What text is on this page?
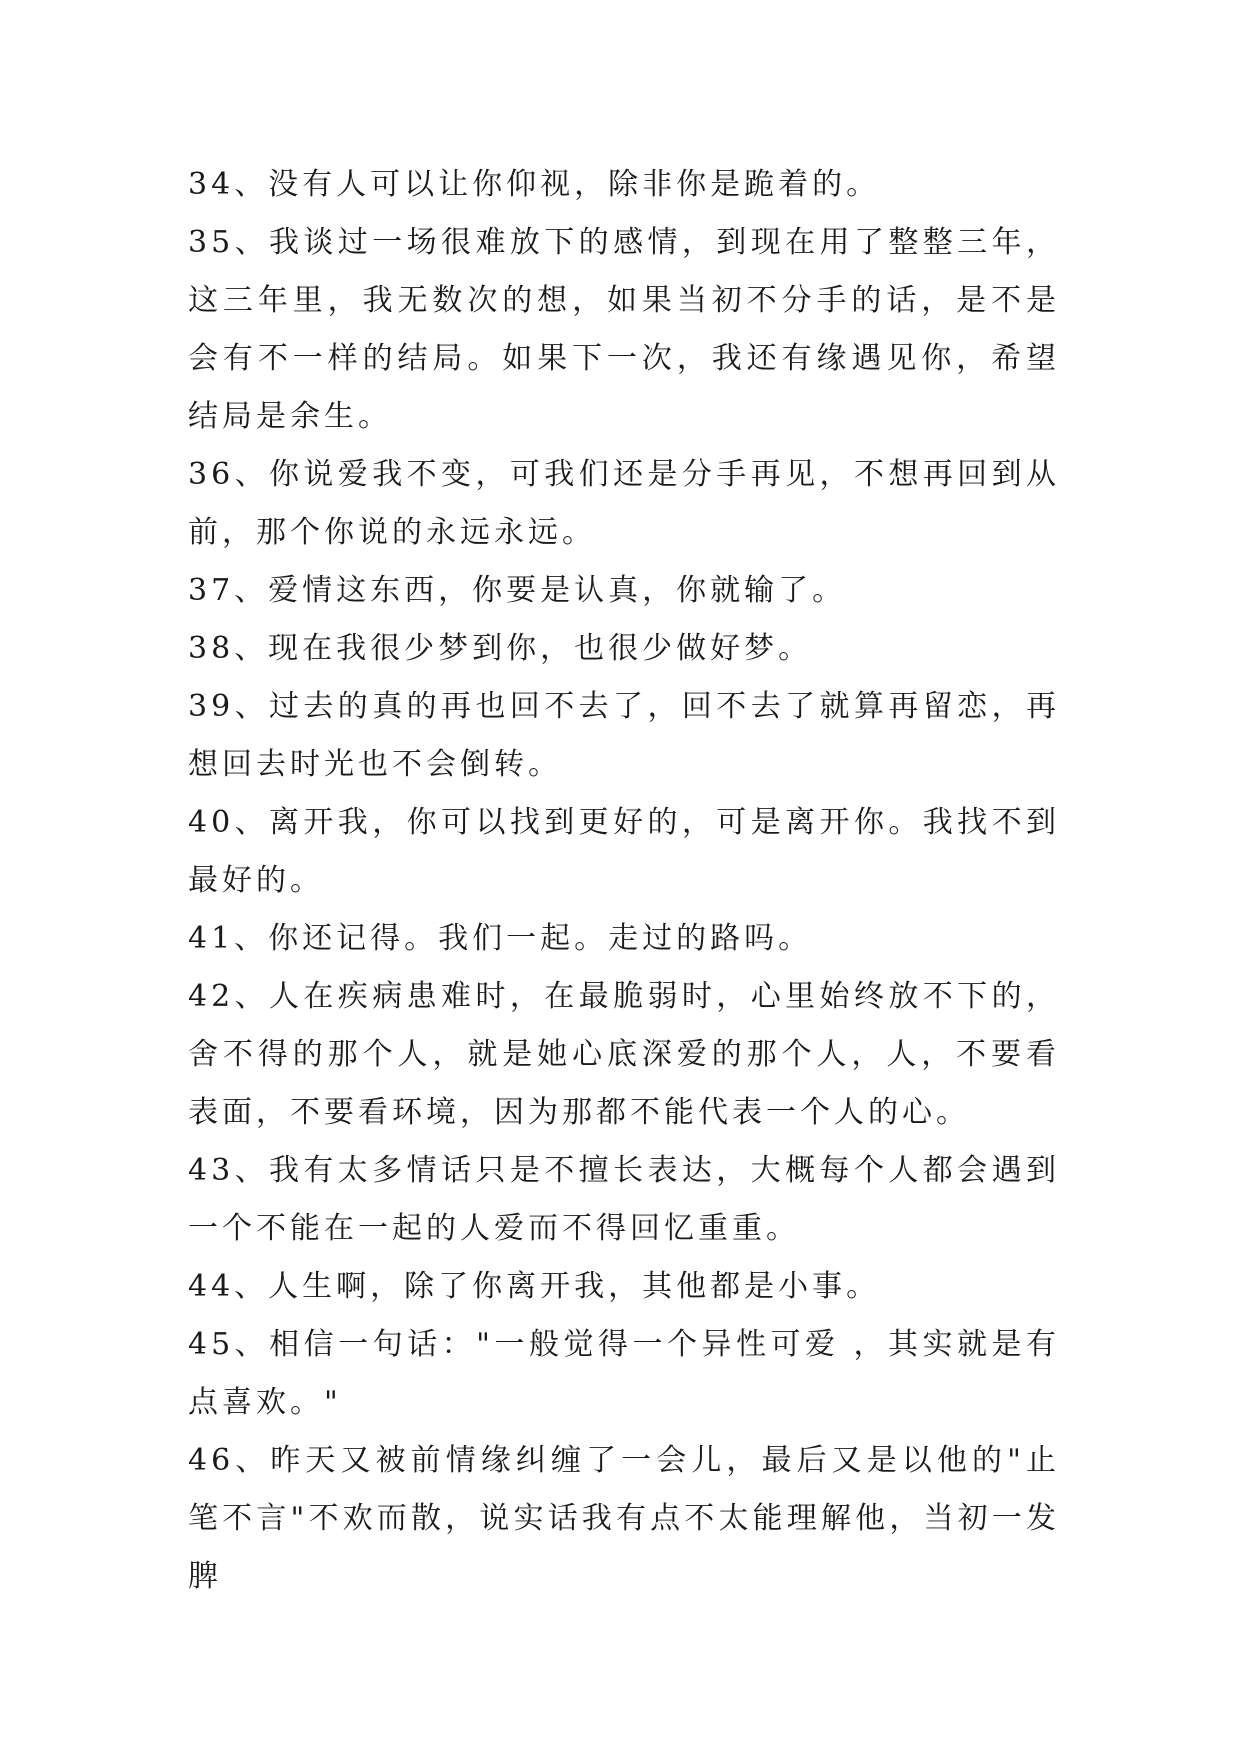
34、没有人可以让你仰视，除非你是跪着的。

35、我谈过一场很难放下的感情，到现在用了整整三年，这三年里，我无数次的想，如果当初不分手的话，是不是会有不一样的结局。如果下一次，我还有缘遇见你，希望结局是余生。

36、你说爱我不变，可我们还是分手再见，不想再回到从前，那个你说的永远永远。

37、爱情这东西，你要是认真，你就输了。

38、现在我很少梦到你，也很少做好梦。

39、过去的真的再也回不去了，回不去了就算再留恋，再想回去时光也不会倒转。

40、离开我，你可以找到更好的，可是离开你。我找不到最好的。

41、你还记得。我们一起。走过的路吗。

42、人在疾病患难时，在最脆弱时，心里始终放不下的，舍不得的那个人，就是她心底深爱的那个人，人，不要看表面，不要看环境，因为那都不能代表一个人的心。

43、我有太多情话只是不擅长表达，大概每个人都会遇到一个不能在一起的人爱而不得回忆重重。

44、人生啊，除了你离开我，其他都是小事。

45、相信一句话："一般觉得一个异性可爱 ，其实就是有点喜欢。"

46、昨天又被前情缘纠缠了一会儿，最后又是以他的"止笔不言"不欢而散，说实话我有点不太能理解他，当初一发脾
